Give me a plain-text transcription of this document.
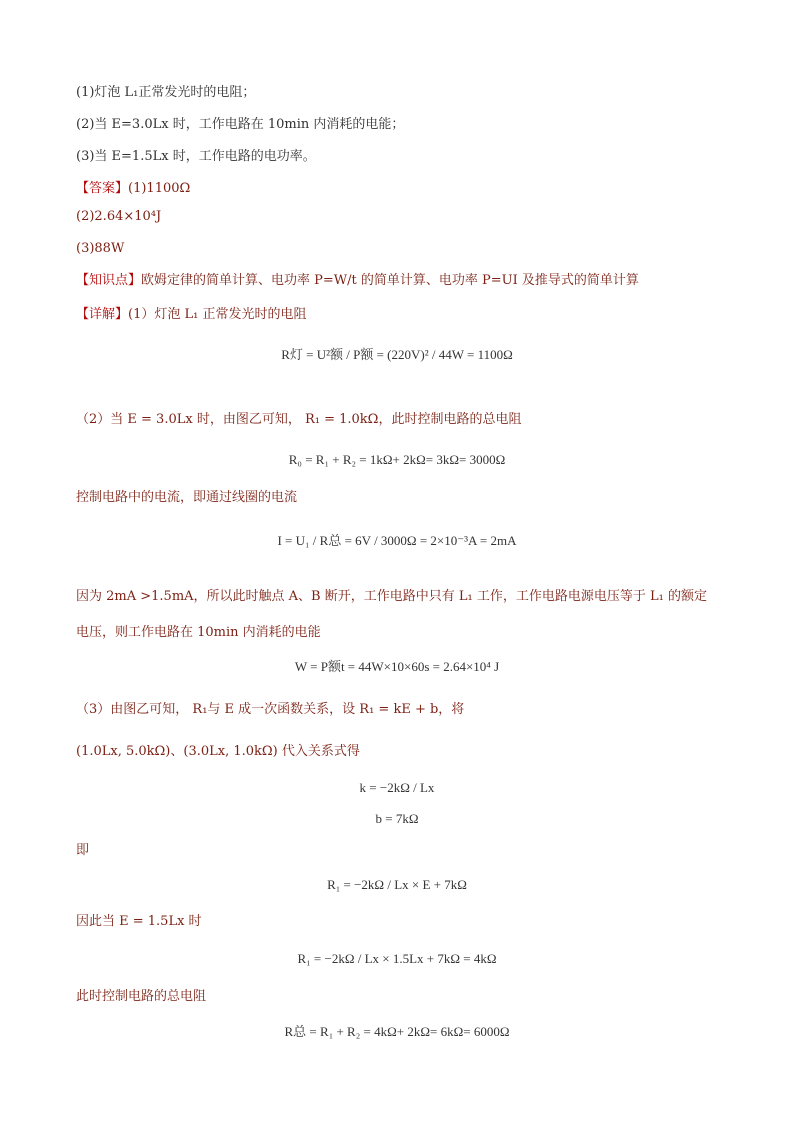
(1)灯泡 L₁正常发光时的电阻；
(2)当 E=3.0Lx 时，工作电路在 10min 内消耗的电能；
(3)当 E=1.5Lx 时，工作电路的电功率。
【答案】(1)1100Ω
(2)2.64×10⁴J
(3)88W
【知识点】欧姆定律的简单计算、电功率 P=W/t 的简单计算、电功率 P=UI 及推导式的简单计算
【详解】(1）灯泡 L₁ 正常发光时的电阻
R灯 = U²额 / P额 = (220V)² / 44W = 1100Ω
（2）当 E = 3.0Lx 时，由图乙可知， R₁ = 1.0kΩ，此时控制电路的总电阻
R₀ = R₁ + R₂ = 1kΩ+ 2kΩ= 3kΩ= 3000Ω
控制电路中的电流，即通过线圈的电流
I = U₁ / R总 = 6V / 3000Ω = 2×10⁻³A = 2mA
因为 2mA >1.5mA，所以此时触点 A、B 断开，工作电路中只有 L₁ 工作，工作电路电源电压等于 L₁ 的额定
电压，则工作电路在 10min 内消耗的电能
W = P额t = 44W×10×60s = 2.64×10⁴ J
（3）由图乙可知， R₁与 E 成一次函数关系，设 R₁ = kE + b，将
(1.0Lx, 5.0kΩ)、(3.0Lx, 1.0kΩ) 代入关系式得
k = −2kΩ / Lx
b = 7kΩ
即
R₁ = −2kΩ / Lx × E + 7kΩ
因此当 E = 1.5Lx 时
R₁ = −2kΩ / Lx × 1.5Lx + 7kΩ = 4kΩ
此时控制电路的总电阻
R总 = R₁ + R₂ = 4kΩ+ 2kΩ= 6kΩ= 6000Ω
